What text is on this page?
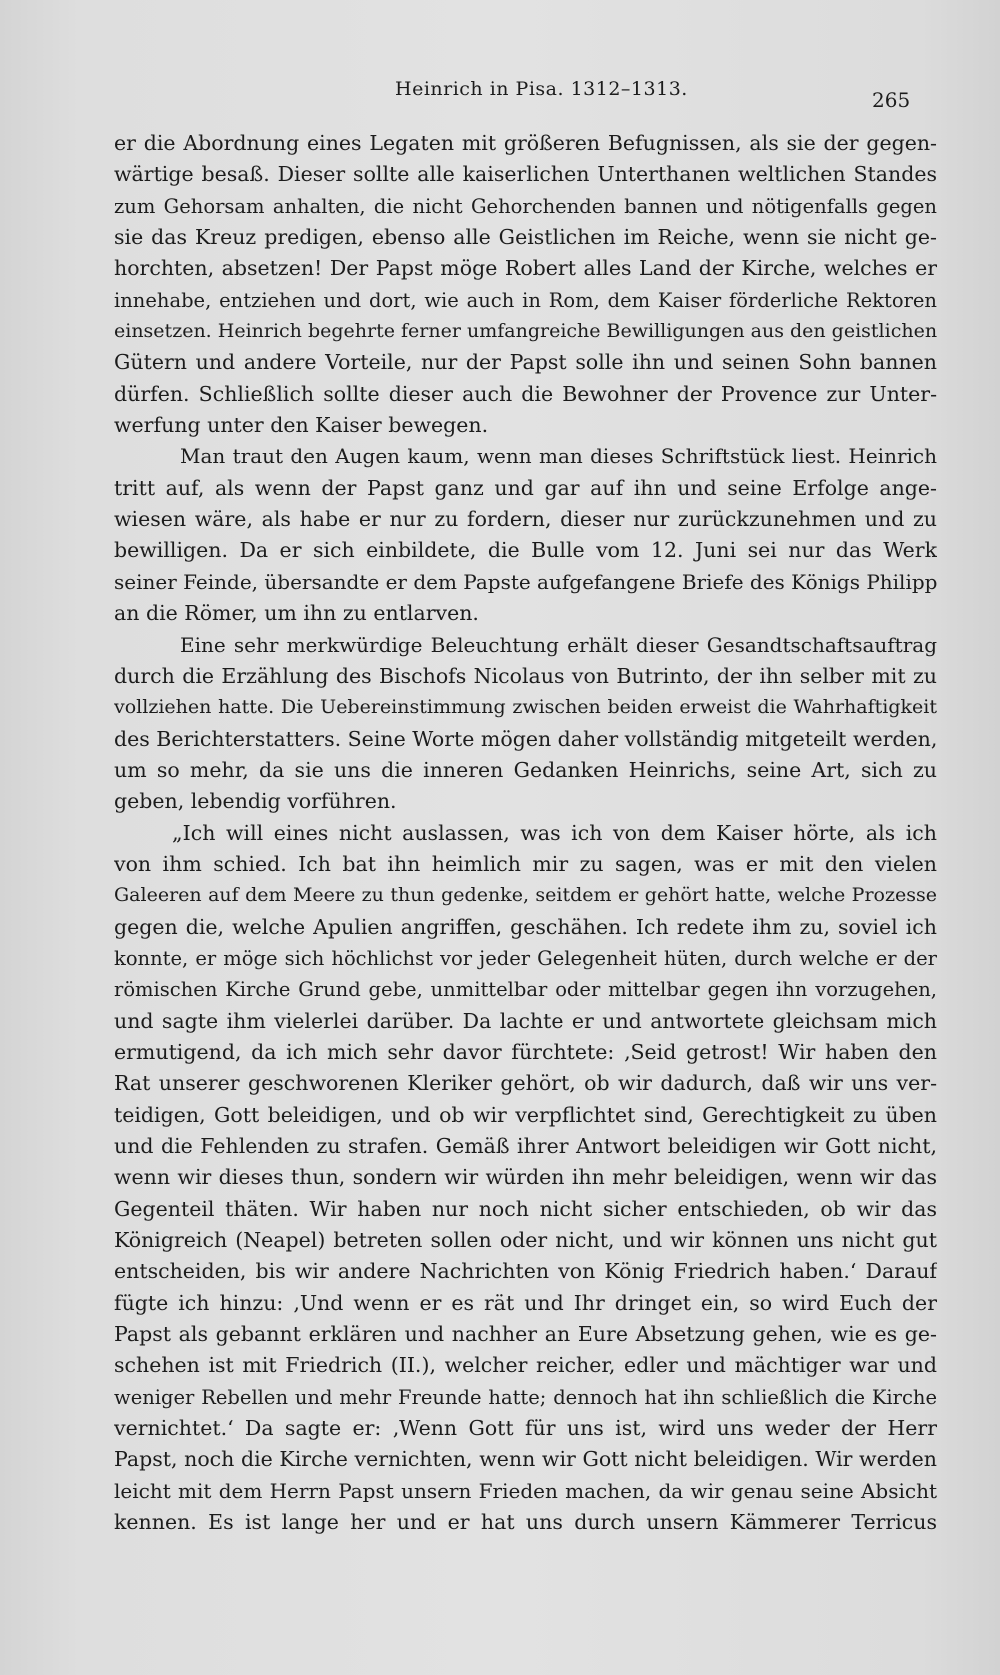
Heinrich in Pisa. 1312–1313.	265
er die Abordnung eines Legaten mit größeren Befugnissen, als sie der gegen-
wärtige besaß. Dieser sollte alle kaiserlichen Unterthanen weltlichen Standes
zum Gehorsam anhalten, die nicht Gehorchenden bannen und nötigenfalls gegen
sie das Kreuz predigen, ebenso alle Geistlichen im Reiche, wenn sie nicht ge-
horchten, absetzen! Der Papst möge Robert alles Land der Kirche, welches er
innehabe, entziehen und dort, wie auch in Rom, dem Kaiser förderliche Rektoren
einsetzen. Heinrich begehrte ferner umfangreiche Bewilligungen aus den geistlichen
Gütern und andere Vorteile, nur der Papst solle ihn und seinen Sohn bannen
dürfen. Schließlich sollte dieser auch die Bewohner der Provence zur Unter-
werfung unter den Kaiser bewegen.
Man traut den Augen kaum, wenn man dieses Schriftstück liest. Heinrich
tritt auf, als wenn der Papst ganz und gar auf ihn und seine Erfolge ange-
wiesen wäre, als habe er nur zu fordern, dieser nur zurückzunehmen und zu
bewilligen. Da er sich einbildete, die Bulle vom 12. Juni sei nur das Werk
seiner Feinde, übersandte er dem Papste aufgefangene Briefe des Königs Philipp
an die Römer, um ihn zu entlarven.
Eine sehr merkwürdige Beleuchtung erhält dieser Gesandtschaftsauftrag
durch die Erzählung des Bischofs Nicolaus von Butrinto, der ihn selber mit zu
vollziehen hatte. Die Uebereinstimmung zwischen beiden erweist die Wahrhaftigkeit
des Berichterstatters. Seine Worte mögen daher vollständig mitgeteilt werden,
um so mehr, da sie uns die inneren Gedanken Heinrichs, seine Art, sich zu
geben, lebendig vorführen.
„Ich will eines nicht auslassen, was ich von dem Kaiser hörte, als ich
von ihm schied. Ich bat ihn heimlich mir zu sagen, was er mit den vielen
Galeeren auf dem Meere zu thun gedenke, seitdem er gehört hatte, welche Prozesse
gegen die, welche Apulien angriffen, geschähen. Ich redete ihm zu, soviel ich
konnte, er möge sich höchlichst vor jeder Gelegenheit hüten, durch welche er der
römischen Kirche Grund gebe, unmittelbar oder mittelbar gegen ihn vorzugehen,
und sagte ihm vielerlei darüber. Da lachte er und antwortete gleichsam mich
ermutigend, da ich mich sehr davor fürchtete: ‚Seid getrost! Wir haben den
Rat unserer geschworenen Kleriker gehört, ob wir dadurch, daß wir uns ver-
teidigen, Gott beleidigen, und ob wir verpflichtet sind, Gerechtigkeit zu üben
und die Fehlenden zu strafen. Gemäß ihrer Antwort beleidigen wir Gott nicht,
wenn wir dieses thun, sondern wir würden ihn mehr beleidigen, wenn wir das
Gegenteil thäten. Wir haben nur noch nicht sicher entschieden, ob wir das
Königreich (Neapel) betreten sollen oder nicht, und wir können uns nicht gut
entscheiden, bis wir andere Nachrichten von König Friedrich haben.‘ Darauf
fügte ich hinzu: ‚Und wenn er es rät und Ihr dringet ein, so wird Euch der
Papst als gebannt erklären und nachher an Eure Absetzung gehen, wie es ge-
schehen ist mit Friedrich (II.), welcher reicher, edler und mächtiger war und
weniger Rebellen und mehr Freunde hatte; dennoch hat ihn schließlich die Kirche
vernichtet.‘ Da sagte er: ‚Wenn Gott für uns ist, wird uns weder der Herr
Papst, noch die Kirche vernichten, wenn wir Gott nicht beleidigen. Wir werden
leicht mit dem Herrn Papst unsern Frieden machen, da wir genau seine Absicht
kennen. Es ist lange her und er hat uns durch unsern Kämmerer Terricus
